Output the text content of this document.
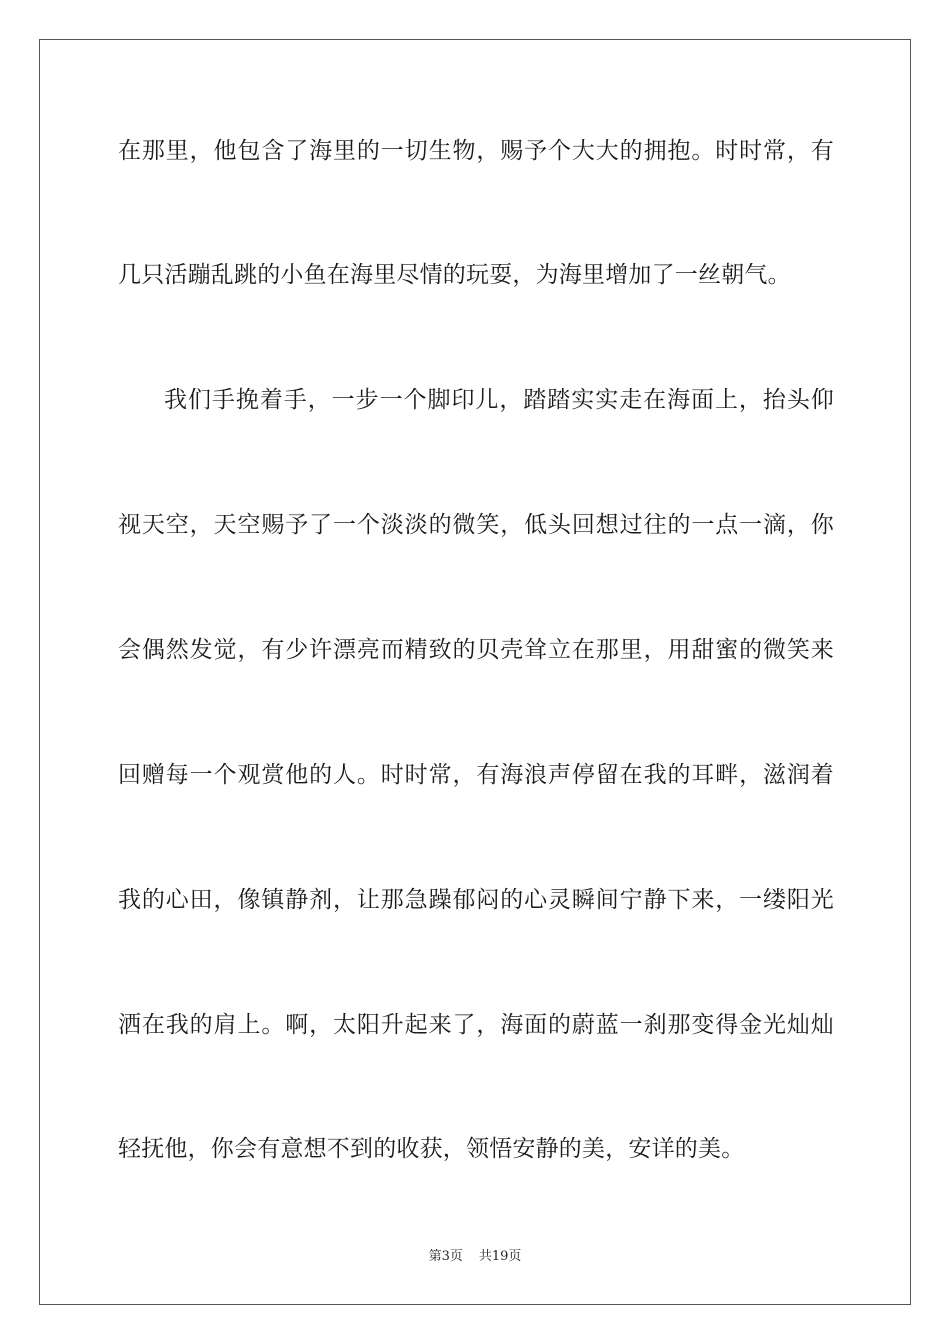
在那里，他包含了海里的一切生物，赐予个大大的拥抱。时时常，有
几只活蹦乱跳的小鱼在海里尽情的玩耍，为海里增加了一丝朝气。
我们手挽着手，一步一个脚印儿，踏踏实实走在海面上，抬头仰
视天空，天空赐予了一个淡淡的微笑，低头回想过往的一点一滴，你
会偶然发觉，有少许漂亮而精致的贝壳耸立在那里，用甜蜜的微笑来
回赠每一个观赏他的人。时时常，有海浪声停留在我的耳畔，滋润着
我的心田，像镇静剂，让那急躁郁闷的心灵瞬间宁静下来，一缕阳光
洒在我的肩上。啊，太阳升起来了，海面的蔚蓝一刹那变得金光灿灿
轻抚他，你会有意想不到的收获，领悟安静的美，安详的美。
第3页 共19页
